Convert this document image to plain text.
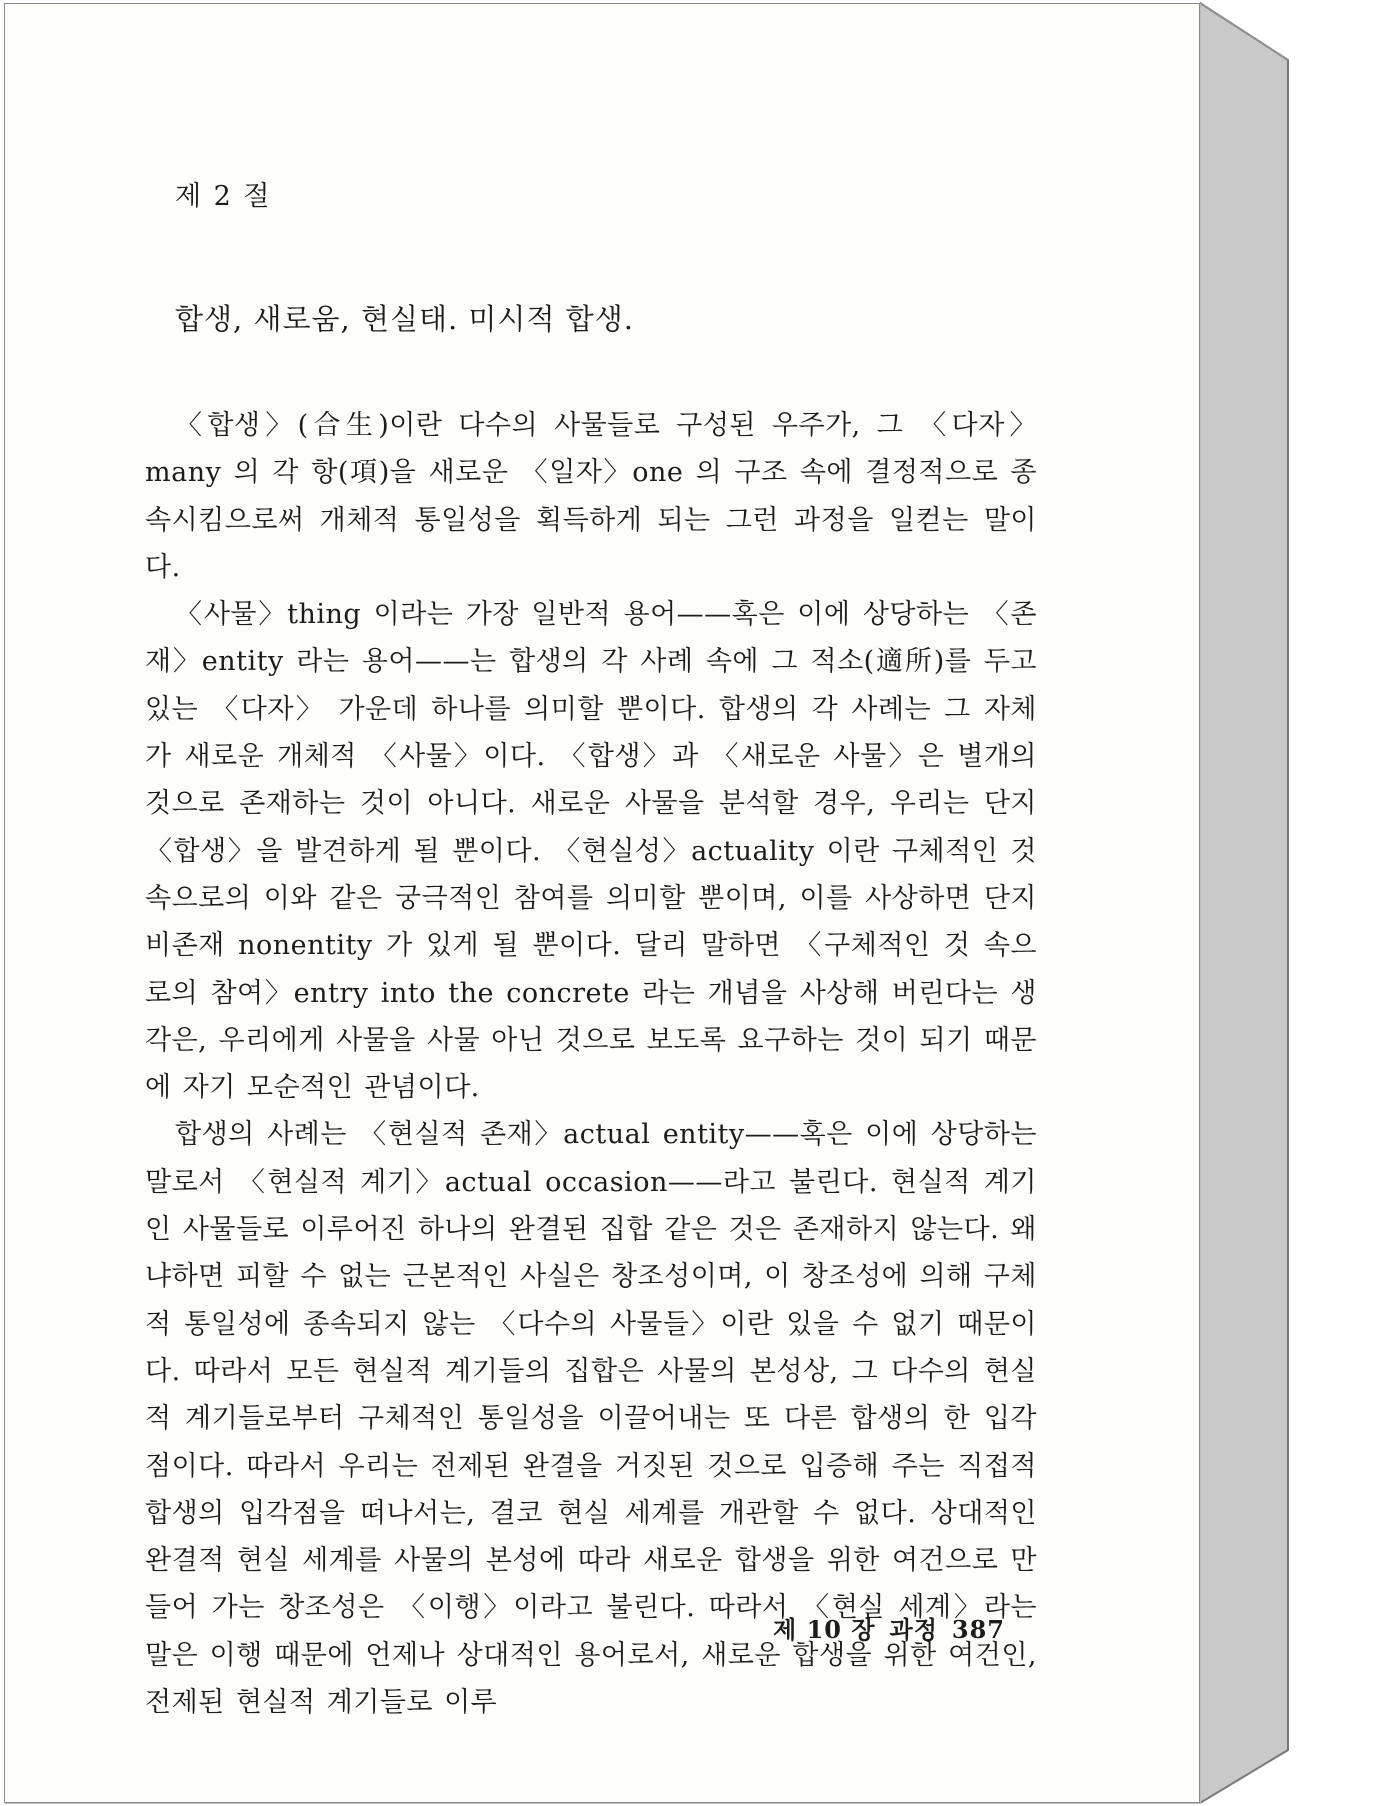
제 2 절
합생, 새로움, 현실태. 미시적 합생.

〈합생〉(合生)이란 다수의 사물들로 구성된 우주가, 그 〈다자〉many 의 각 항(項)을 새로운 〈일자〉one 의 구조 속에 결정적으로 종속시킴으로써 개체적 통일성을 획득하게 되는 그런 과정을 일컫는 말이다.

〈사물〉thing 이라는 가장 일반적 용어——혹은 이에 상당하는 〈존재〉entity 라는 용어——는 합생의 각 사례 속에 그 적소(適所)를 두고 있는 〈다자〉 가운데 하나를 의미할 뿐이다. 합생의 각 사례는 그 자체가 새로운 개체적 〈사물〉이다. 〈합생〉과 〈새로운 사물〉은 별개의 것으로 존재하는 것이 아니다. 새로운 사물을 분석할 경우, 우리는 단지 〈합생〉을 발견하게 될 뿐이다. 〈현실성〉actuality 이란 구체적인 것 속으로의 이와 같은 궁극적인 참여를 의미할 뿐이며, 이를 사상하면 단지 비존재 nonentity 가 있게 될 뿐이다. 달리 말하면 〈구체적인 것 속으로의 참여〉entry into the concrete 라는 개념을 사상해 버린다는 생각은, 우리에게 사물을 사물 아닌 것으로 보도록 요구하는 것이 되기 때문에 자기 모순적인 관념이다.

합생의 사례는 〈현실적 존재〉actual entity——혹은 이에 상당하는 말로서 〈현실적 계기〉actual occasion——라고 불린다. 현실적 계기인 사물들로 이루어진 하나의 완결된 집합 같은 것은 존재하지 않는다. 왜냐하면 피할 수 없는 근본적인 사실은 창조성이며, 이 창조성에 의해 구체적 통일성에 종속되지 않는 〈다수의 사물들〉이란 있을 수 없기 때문이다. 따라서 모든 현실적 계기들의 집합은 사물의 본성상, 그 다수의 현실적 계기들로부터 구체적인 통일성을 이끌어내는 또 다른 합생의 한 입각점이다. 따라서 우리는 전제된 완결을 거짓된 것으로 입증해 주는 직접적 합생의 입각점을 떠나서는, 결코 현실 세계를 개관할 수 없다. 상대적인 완결적 현실 세계를 사물의 본성에 따라 새로운 합생을 위한 여건으로 만들어 가는 창조성은 〈이행〉이라고 불린다. 따라서 〈현실 세계〉라는 말은 이행 때문에 언제나 상대적인 용어로서, 새로운 합생을 위한 여건인, 전제된 현실적 계기들로 이루

제 10 장 과정 387
